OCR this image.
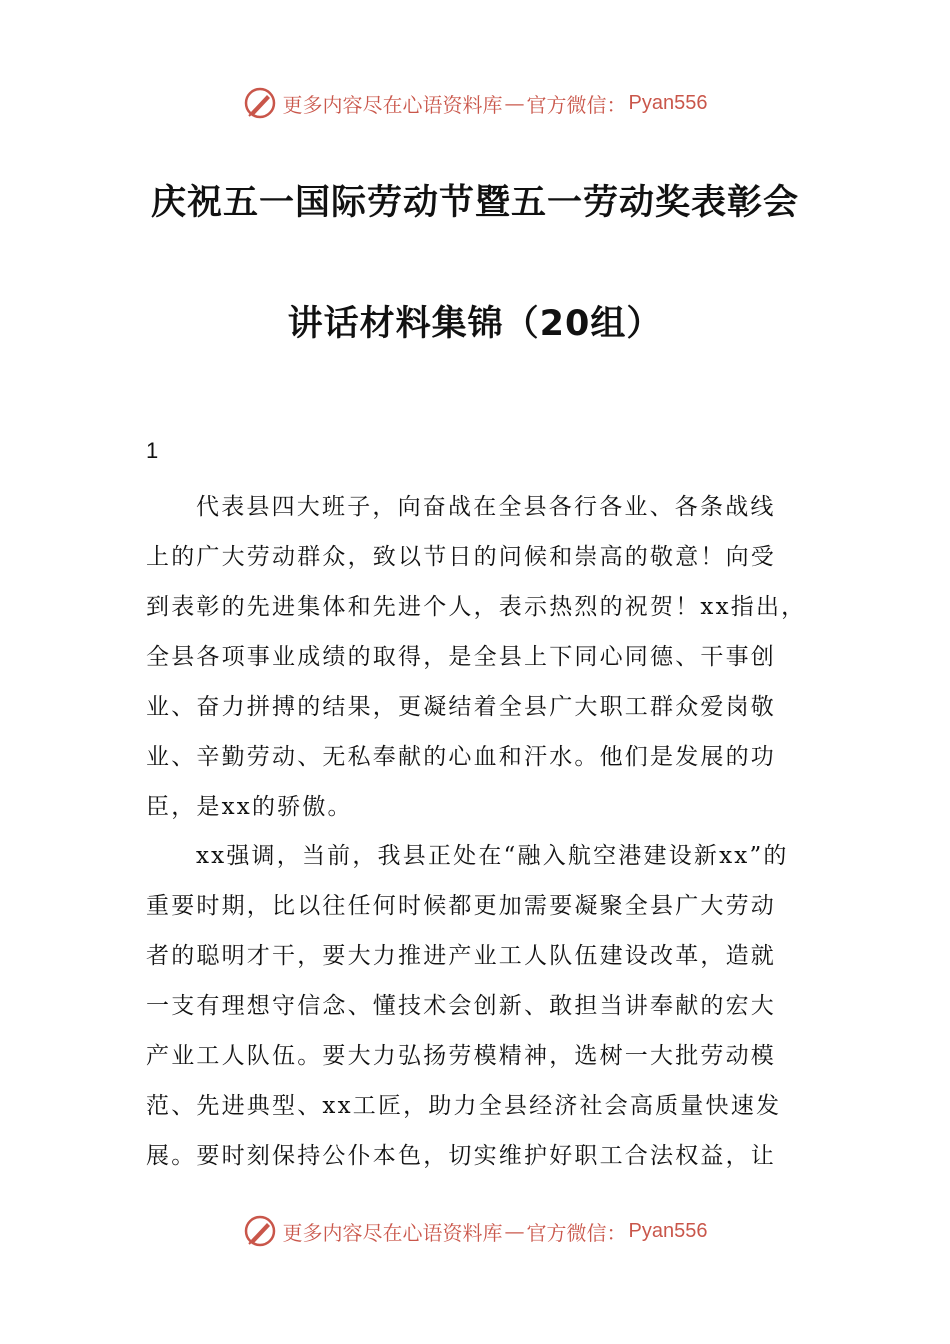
更多内容尽在心语资料库 — 官方微信： Pyan556
庆祝五一国际劳动节暨五一劳动奖表彰会
讲话材料集锦（20组）
1
代表县四大班子，向奋战在全县各行各业、各条战线
上的广大劳动群众，致以节日的问候和崇高的敬意！向受
到表彰的先进集体和先进个人，表示热烈的祝贺！xx指出，
全县各项事业成绩的取得，是全县上下同心同德、干事创
业、奋力拼搏的结果，更凝结着全县广大职工群众爱岗敬
业、辛勤劳动、无私奉献的心血和汗水。他们是发展的功
臣，是xx的骄傲。
xx强调，当前，我县正处在“融入航空港建设新xx”的
重要时期，比以往任何时候都更加需要凝聚全县广大劳动
者的聪明才干，要大力推进产业工人队伍建设改革，造就
一支有理想守信念、懂技术会创新、敢担当讲奉献的宏大
产业工人队伍。要大力弘扬劳模精神，选树一大批劳动模
范、先进典型、xx工匠，助力全县经济社会高质量快速发
展。要时刻保持公仆本色，切实维护好职工合法权益，让
更多内容尽在心语资料库 — 官方微信： Pyan556
